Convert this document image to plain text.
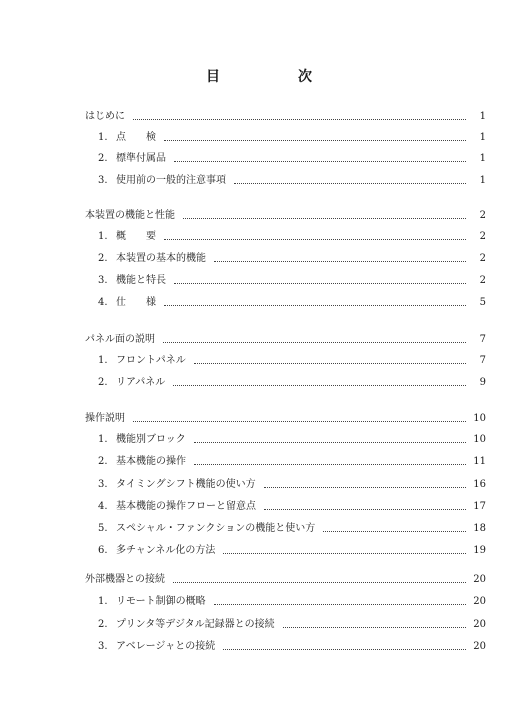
目	次
はじめに	1
1. 点　　検	1
2. 標準付属品	1
3. 使用前の一般的注意事項	1
本装置の機能と性能	2
1. 概　　要	2
2. 本装置の基本的機能	2
3. 機能と特長	2
4. 仕　　様	5
パネル面の説明	7
1. フロントパネル	7
2. リアパネル	9
操作説明	10
1. 機能別ブロック	10
2. 基本機能の操作	11
3. タイミングシフト機能の使い方	16
4. 基本機能の操作フローと留意点	17
5. スペシャル・ファンクションの機能と使い方	18
6. 多チャンネル化の方法	19
外部機器との接続	20
1. リモート制御の概略	20
2. プリンタ等デジタル記録器との接続	20
3. アベレージャとの接続	20
